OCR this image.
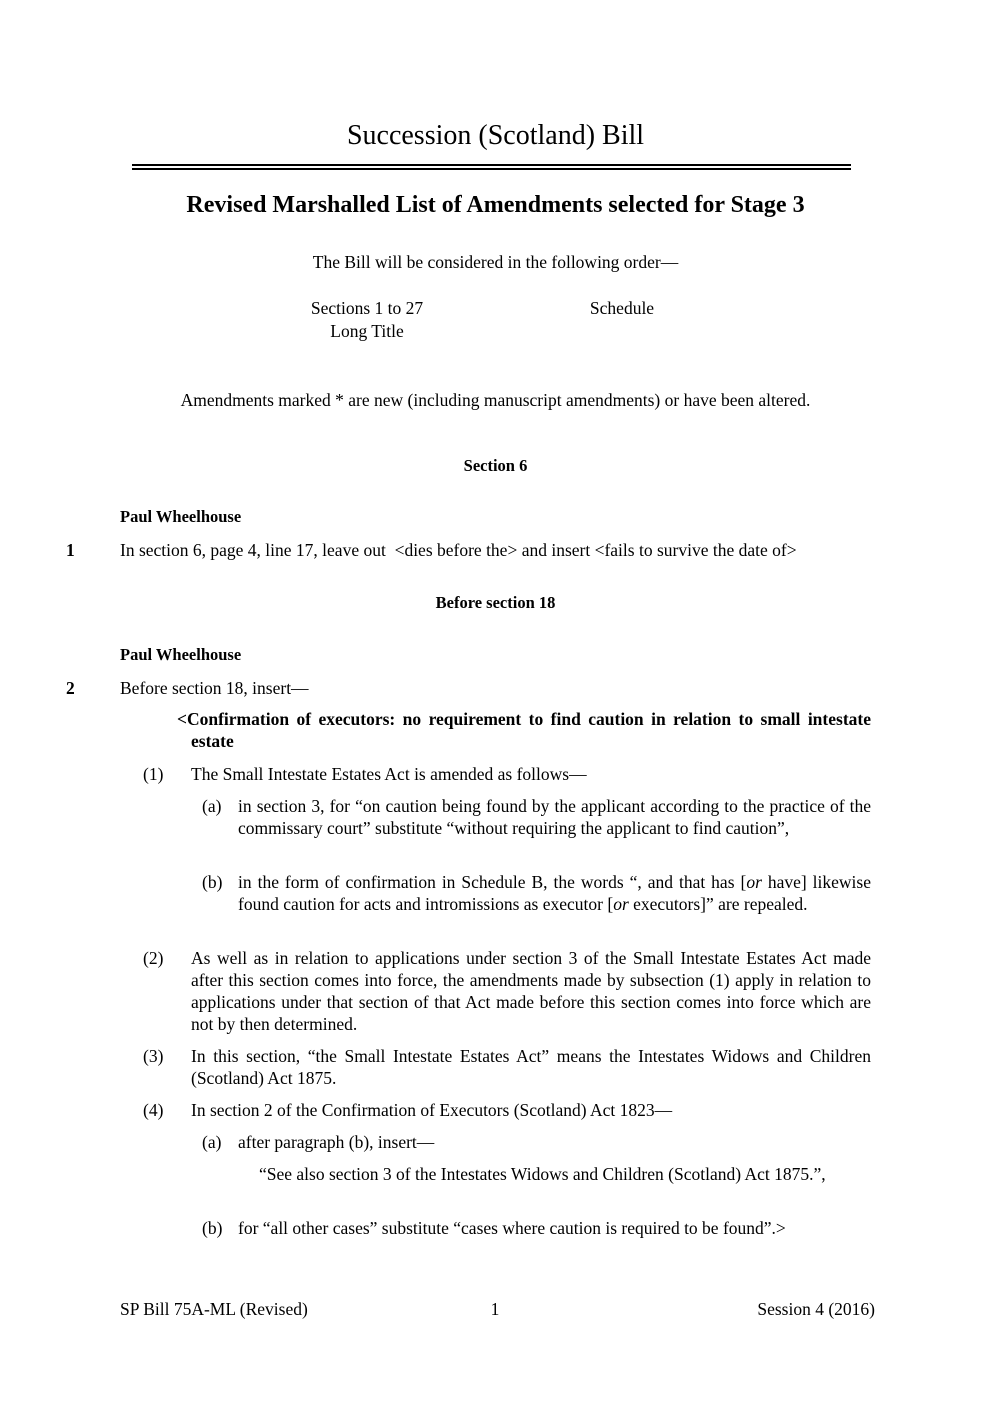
Succession (Scotland) Bill
Revised Marshalled List of Amendments selected for Stage 3
The Bill will be considered in the following order—
Sections 1 to 27
Long Title
Schedule
Amendments marked * are new (including manuscript amendments) or have been altered.
Section 6
Paul Wheelhouse
1	In section 6, page 4, line 17, leave out  <dies before the> and insert <fails to survive the date of>
Before section 18
Paul Wheelhouse
2	Before section 18, insert—
<Confirmation of executors: no requirement to find caution in relation to small intestate estate
(1) The Small Intestate Estates Act is amended as follows—
(a) in section 3, for “on caution being found by the applicant according to the practice of the commissary court” substitute “without requiring the applicant to find caution”,
(b) in the form of confirmation in Schedule B, the words “, and that has [or have] likewise found caution for acts and intromissions as executor [or executors]” are repealed.
(2) As well as in relation to applications under section 3 of the Small Intestate Estates Act made after this section comes into force, the amendments made by subsection (1) apply in relation to applications under that section of that Act made before this section comes into force which are not by then determined.
(3) In this section, “the Small Intestate Estates Act” means the Intestates Widows and Children (Scotland) Act 1875.
(4) In section 2 of the Confirmation of Executors (Scotland) Act 1823—
(a) after paragraph (b), insert—
“See also section 3 of the Intestates Widows and Children (Scotland) Act 1875.”,
(b) for “all other cases” substitute “cases where caution is required to be found”.>
SP Bill 75A-ML (Revised)	1	Session 4 (2016)
